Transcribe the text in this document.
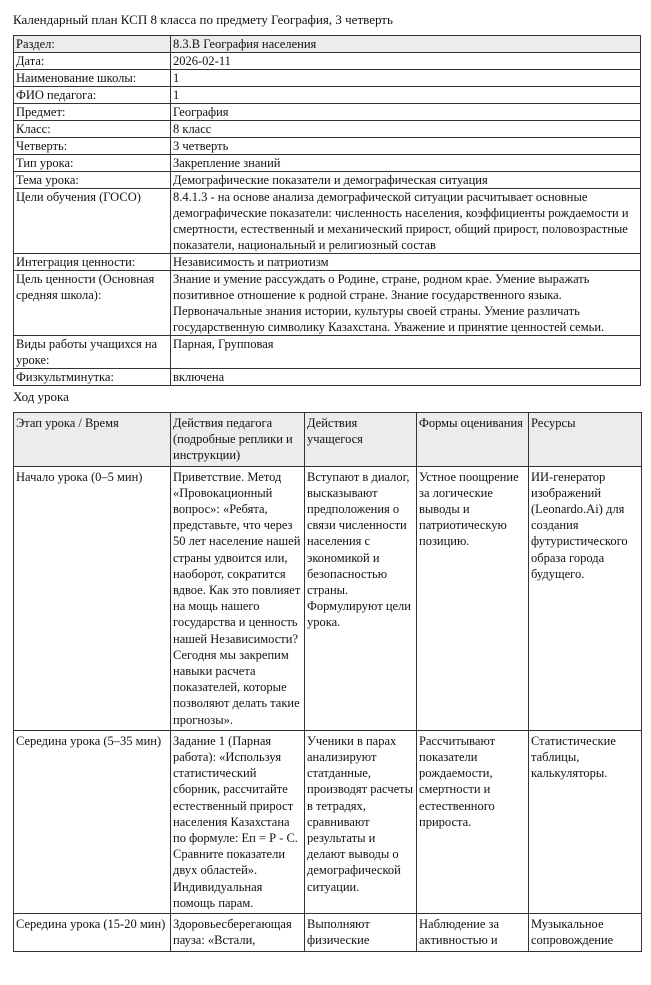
Календарный план КСП 8 класса по предмету География, 3 четверть
Раздел:	8.3.В География населения
Дата:	2026-02-11
Наименование школы:	1
ФИО педагога:	1
Предмет:	География
Класс:	8 класс
Четверть:	3 четверть
Тип урока:	Закрепление знаний
Тема урока:	Демографические показатели и демографическая ситуация
Цели обучения (ГОСО)	8.4.1.3 - на основе анализа демографической ситуации расчитывает основные демографические показатели: численность населения, коэффициенты рождаемости и смертности, естественный и механический прирост, общий прирост, половозрастные показатели, национальный и религиозный состав
Интеграция ценности:	Независимость и патриотизм
Цель ценности (Основная средняя школа):	Знание и умение рассуждать о Родине, стране, родном крае. Умение выражать позитивное отношение к родной стране. Знание государственного языка. Первоначальные знания истории, культуры своей страны. Умение различать государственную символику Казахстана. Уважение и принятие ценностей семьи.
Виды работы учащихся на уроке:	Парная, Групповая
Физкультминутка:	включена
Ход урока
Этап урока / Время	Действия педагога (подробные реплики и инструкции)	Действия учащегося	Формы оценивания	Ресурсы
Начало урока (0–5 мин)	Приветствие. Метод «Провокационный вопрос»: «Ребята, представьте, что через 50 лет население нашей страны удвоится или, наоборот, сократится вдвое. Как это повлияет на мощь нашего государства и ценность нашей Независимости? Сегодня мы закрепим навыки расчета показателей, которые позволяют делать такие прогнозы».	Вступают в диалог, высказывают предположения о связи численности населения с экономикой и безопасностью страны. Формулируют цели урока.	Устное поощрение за логические выводы и патриотическую позицию.	ИИ-генератор изображений (Leonardo.Ai) для создания футуристического образа города будущего.
Середина урока (5–35 мин)	Задание 1 (Парная работа): «Используя статистический сборник, рассчитайте естественный прирост населения Казахстана по формуле: Еп = Р - С. Сравните показатели двух областей». Индивидуальная помощь парам.	Ученики в парах анализируют статданные, производят расчеты в тетрадях, сравнивают результаты и делают выводы о демографической ситуации.	Рассчитывают показатели рождаемости, смертности и естественного прироста.	Статистические таблицы, калькуляторы.
Середина урока (15-20 мин)	Здоровьесберегающая пауза: «Встали,	Выполняют физические	Наблюдение за активностью и	Музыкальное сопровождение
